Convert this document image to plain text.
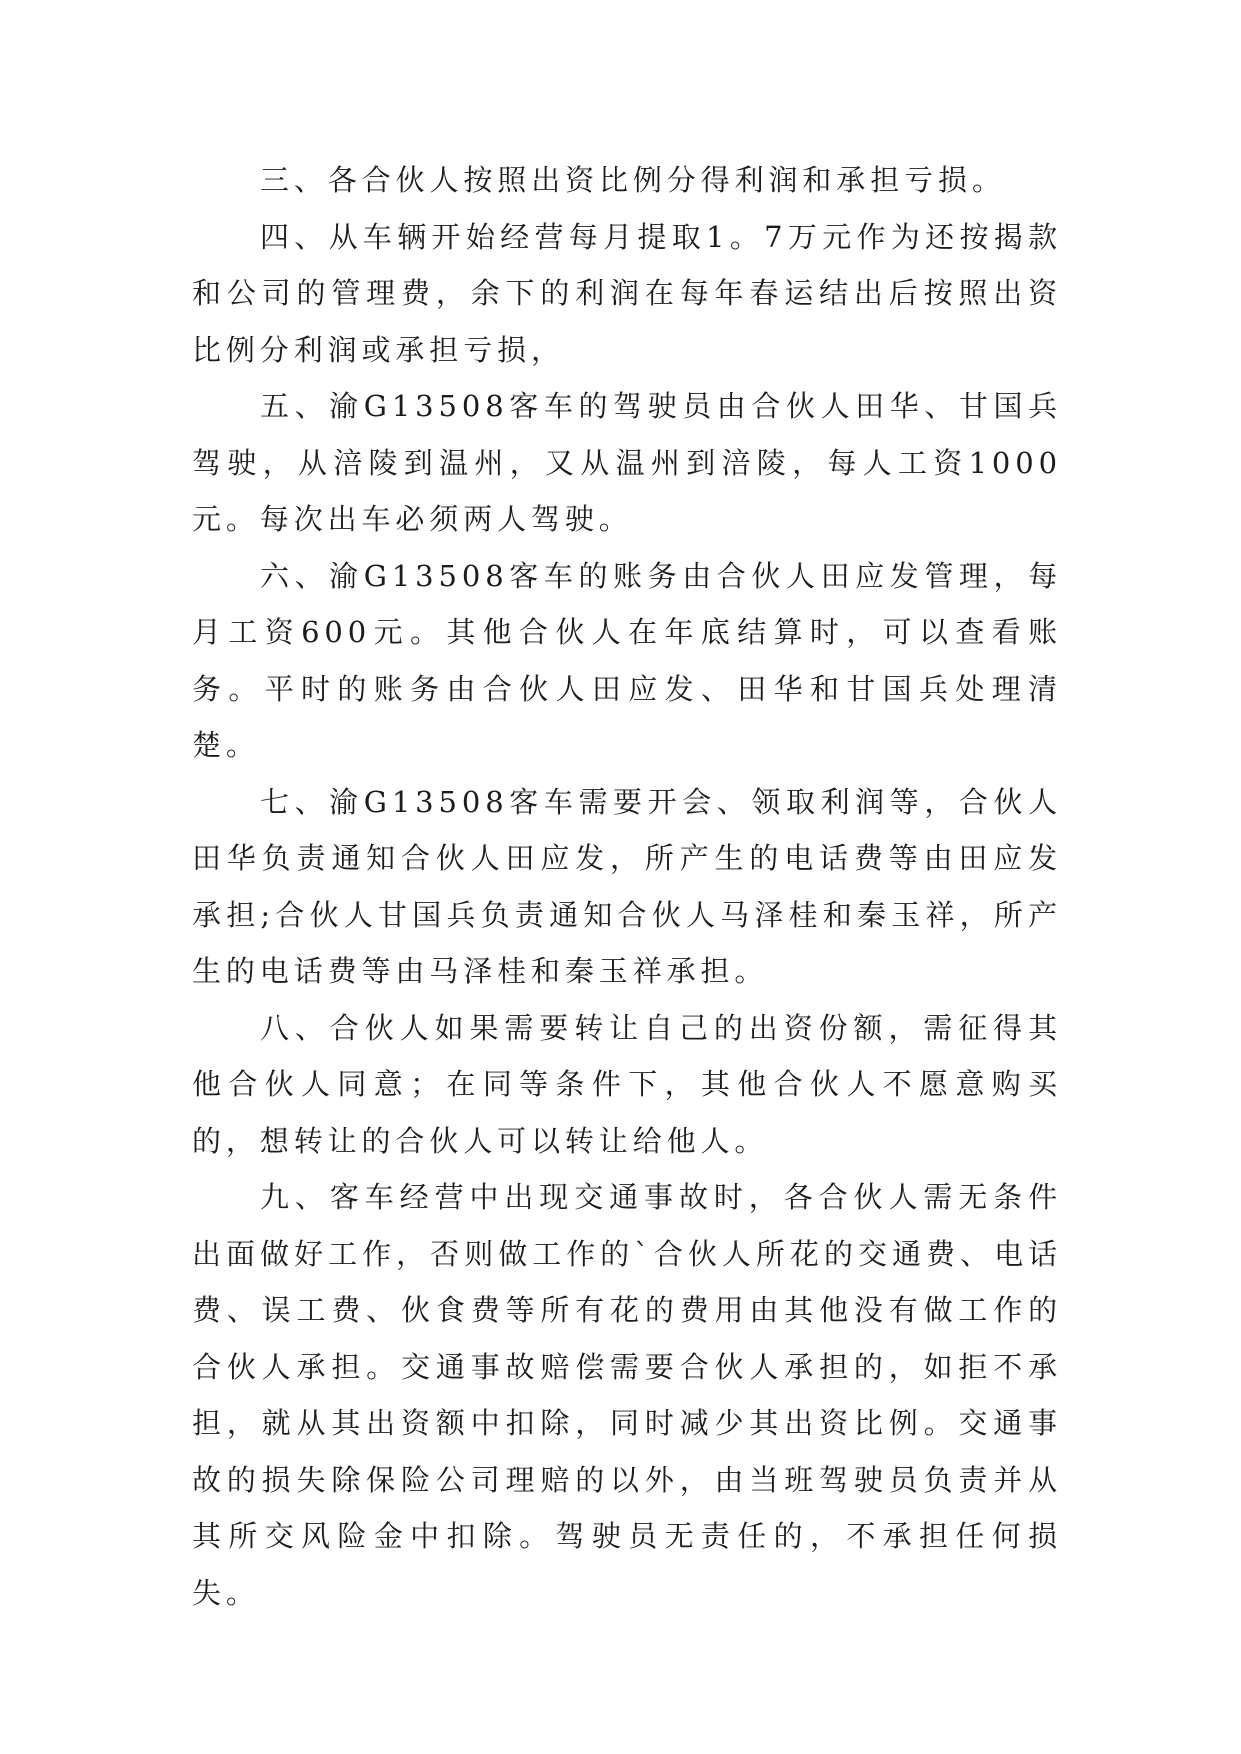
三、各合伙人按照出资比例分得利润和承担亏损。

四、从车辆开始经营每月提取1。7万元作为还按揭款和公司的管理费，余下的利润在每年春运结出后按照出资比例分利润或承担亏损，

五、渝G13508客车的驾驶员由合伙人田华、甘国兵驾驶，从涪陵到温州，又从温州到涪陵，每人工资1000元。每次出车必须两人驾驶。

六、渝G13508客车的账务由合伙人田应发管理，每月工资600元。其他合伙人在年底结算时，可以查看账务。平时的账务由合伙人田应发、田华和甘国兵处理清楚。

七、渝G13508客车需要开会、领取利润等，合伙人田华负责通知合伙人田应发，所产生的电话费等由田应发承担;合伙人甘国兵负责通知合伙人马泽桂和秦玉祥，所产生的电话费等由马泽桂和秦玉祥承担。

八、合伙人如果需要转让自己的出资份额，需征得其他合伙人同意；在同等条件下，其他合伙人不愿意购买的，想转让的合伙人可以转让给他人。

九、客车经营中出现交通事故时，各合伙人需无条件出面做好工作，否则做工作的`合伙人所花的交通费、电话费、误工费、伙食费等所有花的费用由其他没有做工作的合伙人承担。交通事故赔偿需要合伙人承担的，如拒不承担，就从其出资额中扣除，同时减少其出资比例。交通事故的损失除保险公司理赔的以外，由当班驾驶员负责并从其所交风险金中扣除。驾驶员无责任的，不承担任何损失。
